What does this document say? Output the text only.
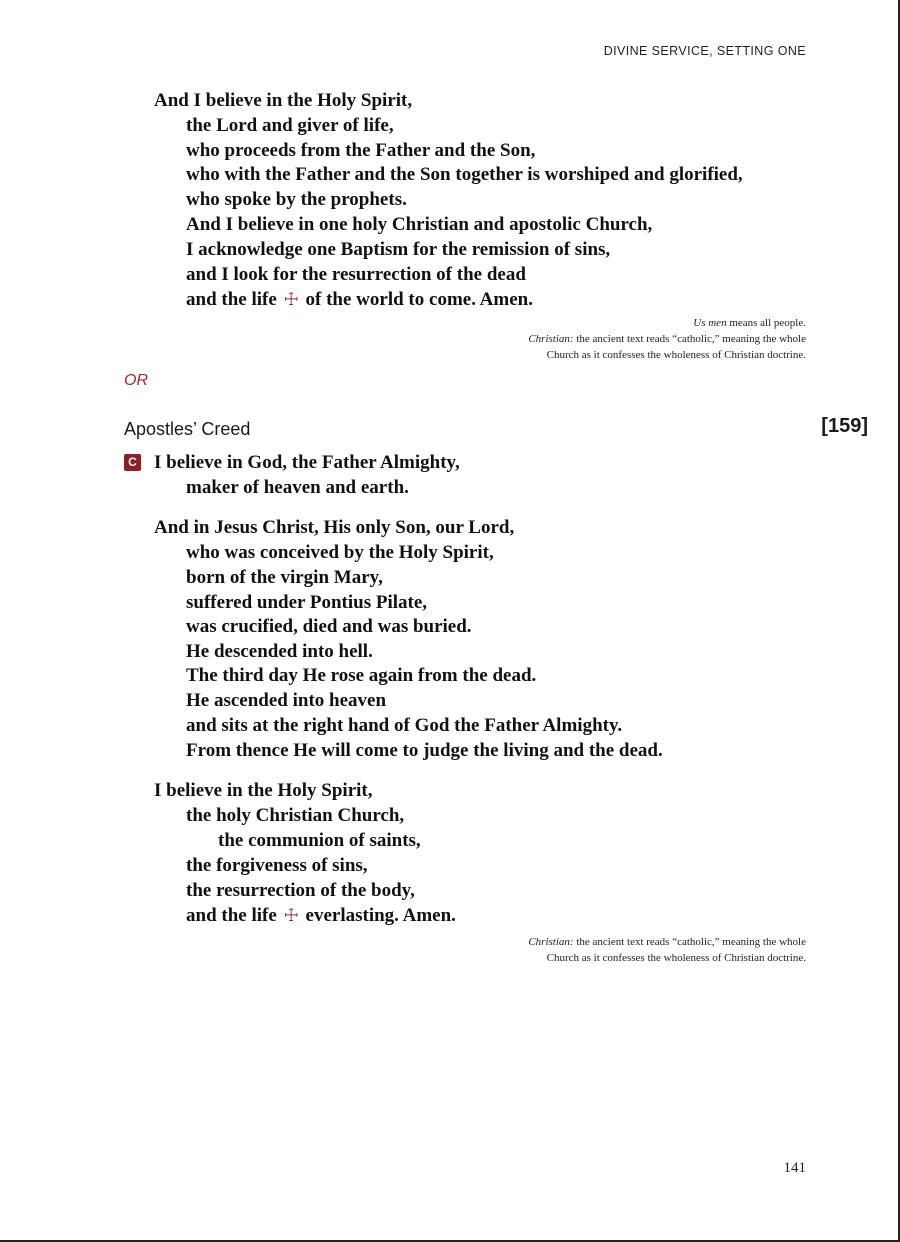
DIVINE SERVICE, SETTING ONE
And I believe in the Holy Spirit,
the Lord and giver of life,
who proceeds from the Father and the Son,
who with the Father and the Son together is worshiped and glorified,
who spoke by the prophets.
And I believe in one holy Christian and apostolic Church,
I acknowledge one Baptism for the remission of sins,
and I look for the resurrection of the dead
and the life ☩ of the world to come. Amen.
Us men means all people.
Christian: the ancient text reads “catholic,” meaning the whole
Church as it confesses the wholeness of Christian doctrine.
OR
Apostles’ Creed	[159]
C I believe in God, the Father Almighty,
maker of heaven and earth.
And in Jesus Christ, His only Son, our Lord,
who was conceived by the Holy Spirit,
born of the virgin Mary,
suffered under Pontius Pilate,
was crucified, died and was buried.
He descended into hell.
The third day He rose again from the dead.
He ascended into heaven
and sits at the right hand of God the Father Almighty.
From thence He will come to judge the living and the dead.
I believe in the Holy Spirit,
the holy Christian Church,
the communion of saints,
the forgiveness of sins,
the resurrection of the body,
and the life ☩ everlasting. Amen.
Christian: the ancient text reads “catholic,” meaning the whole
Church as it confesses the wholeness of Christian doctrine.
141
